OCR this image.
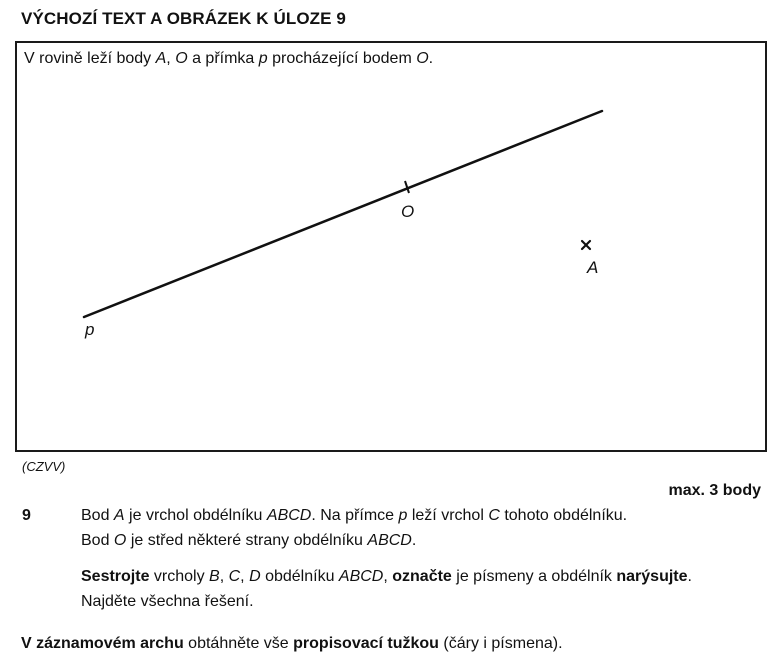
VÝCHOZÍ TEXT A OBRÁZEK K ÚLOZE 9
V rovině leží body A, O a přímka p procházející bodem O.
O
A
p
(CZVV)
max. 3 body
9	Bod A je vrchol obdélníku ABCD. Na přímce p leží vrchol C tohoto obdélníku.
Bod O je střed některé strany obdélníku ABCD.
Sestrojte vrcholy B, C, D obdélníku ABCD, označte je písmeny a obdélník narýsujte.
Najděte všechna řešení.
V záznamovém archu obtáhněte vše propisovací tužkou (čáry i písmena).
